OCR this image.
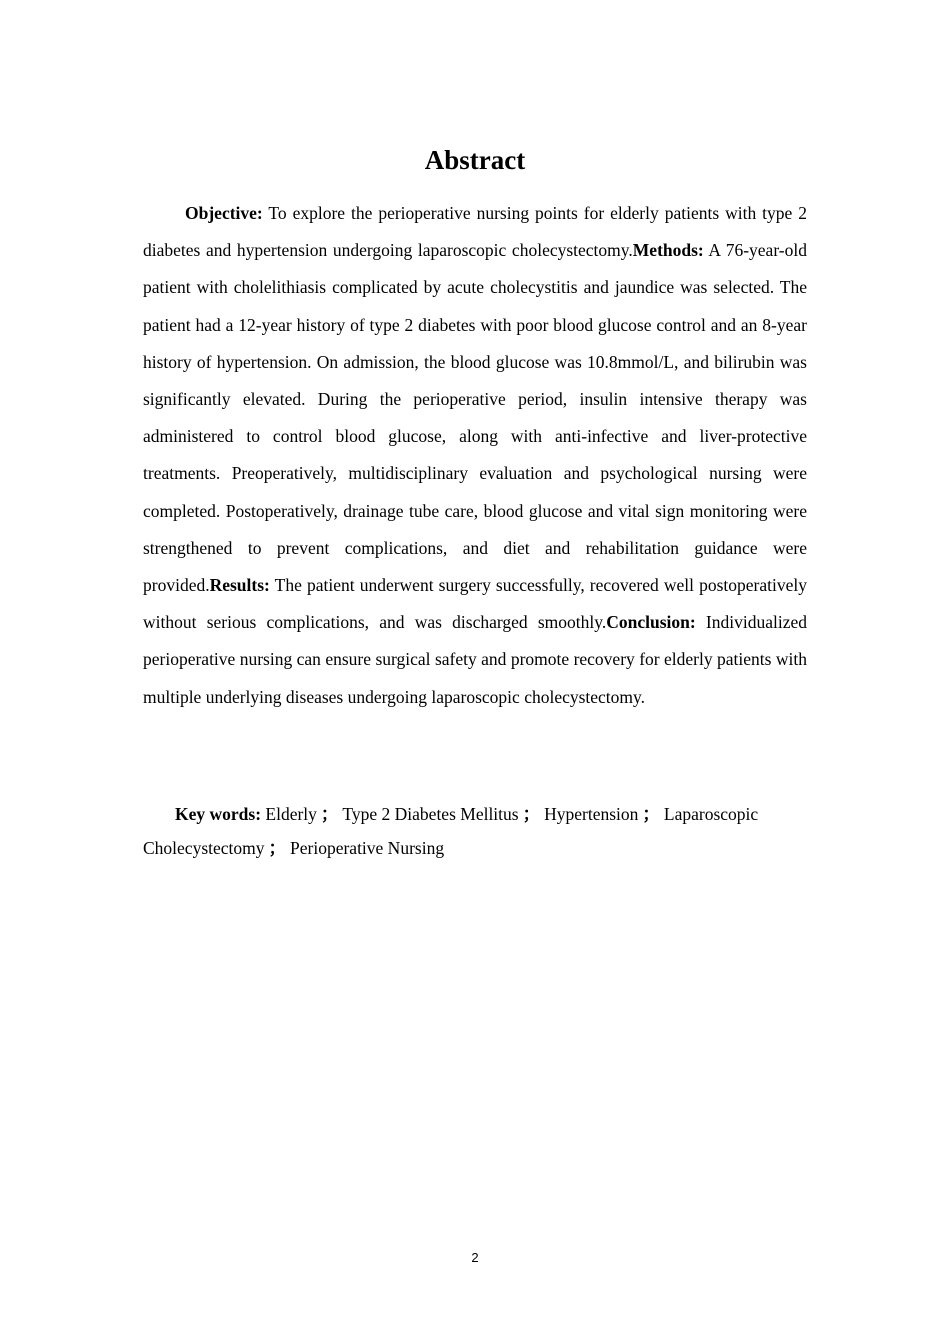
Abstract

Objective: To explore the perioperative nursing points for elderly patients with type 2 diabetes and hypertension undergoing laparoscopic cholecystectomy.Methods: A 76-year-old patient with cholelithiasis complicated by acute cholecystitis and jaundice was selected. The patient had a 12-year history of type 2 diabetes with poor blood glucose control and an 8-year history of hypertension. On admission, the blood glucose was 10.8mmol/L, and bilirubin was significantly elevated. During the perioperative period, insulin intensive therapy was administered to control blood glucose, along with anti-infective and liver-protective treatments. Preoperatively, multidisciplinary evaluation and psychological nursing were completed. Postoperatively, drainage tube care, blood glucose and vital sign monitoring were strengthened to prevent complications, and diet and rehabilitation guidance were provided.Results: The patient underwent surgery successfully, recovered well postoperatively without serious complications, and was discharged smoothly.Conclusion: Individualized perioperative nursing can ensure surgical safety and promote recovery for elderly patients with multiple underlying diseases undergoing laparoscopic cholecystectomy.

Key words: Elderly ； Type 2 Diabetes Mellitus ； Hypertension ； Laparoscopic Cholecystectomy ； Perioperative Nursing

2
